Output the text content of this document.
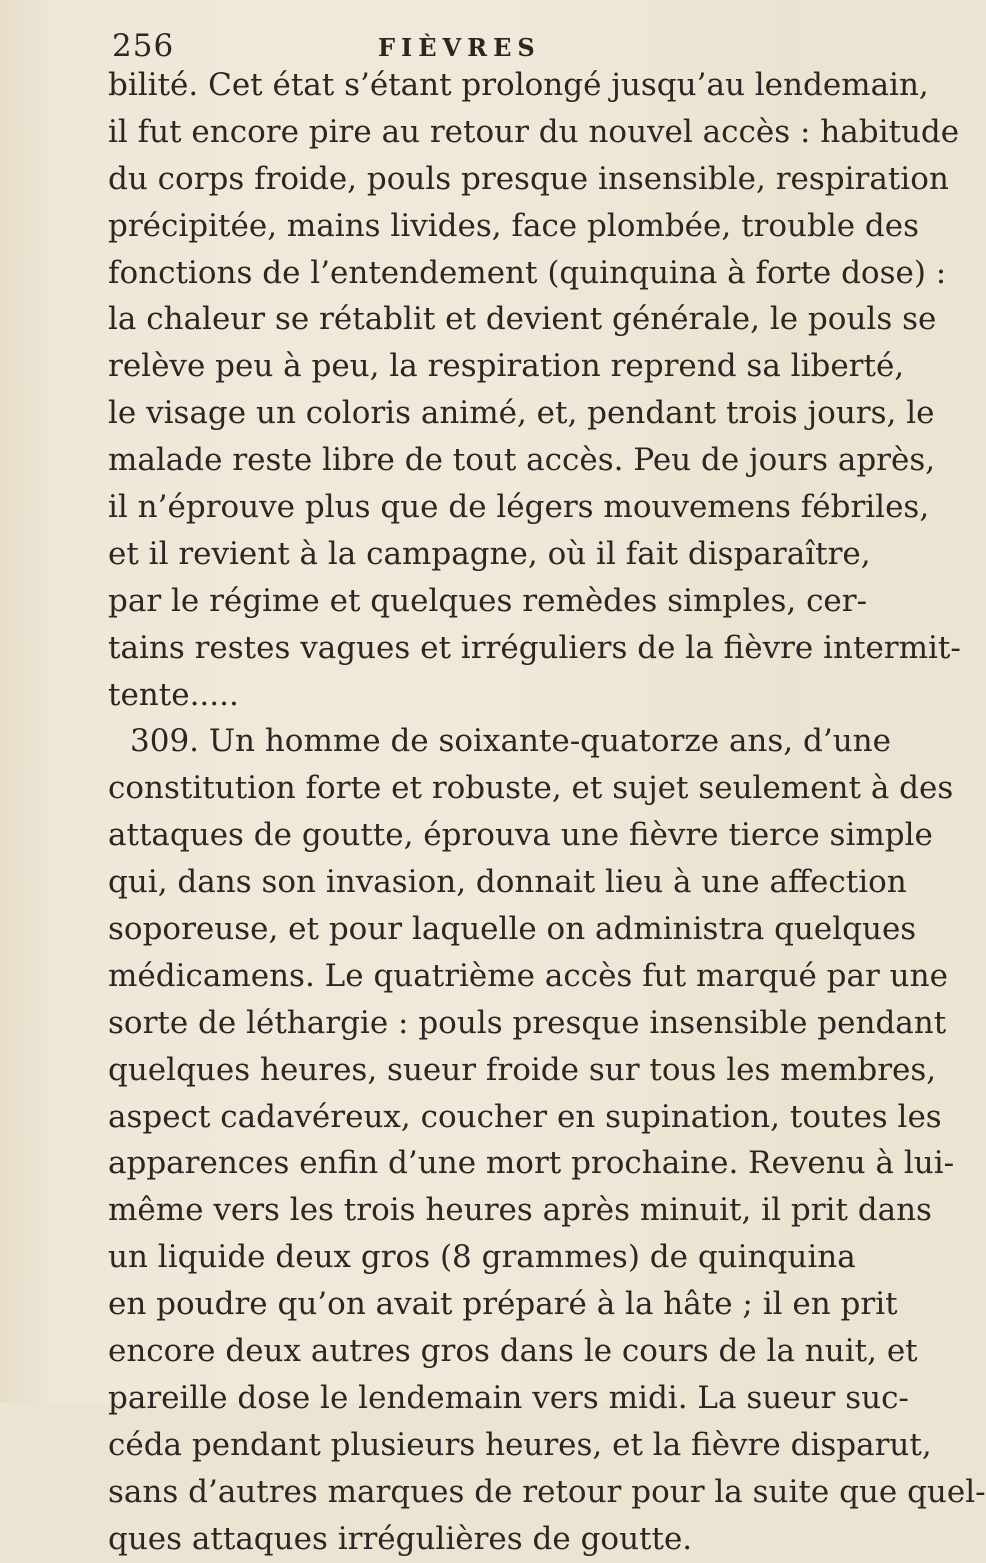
256	FIÈVRES
bilité. Cet état s’étant prolongé jusqu’au lendemain,
il fut encore pire au retour du nouvel accès : habitude
du corps froide, pouls presque insensible, respiration
précipitée, mains livides, face plombée, trouble des
fonctions de l’entendement (quinquina à forte dose) :
la chaleur se rétablit et devient générale, le pouls se
relève peu à peu, la respiration reprend sa liberté,
le visage un coloris animé, et, pendant trois jours, le
malade reste libre de tout accès. Peu de jours après,
il n’éprouve plus que de légers mouvemens fébriles,
et il revient à la campagne, où il fait disparaître,
par le régime et quelques remèdes simples, cer-
tains restes vagues et irréguliers de la fièvre intermit-
tente.....
309. Un homme de soixante-quatorze ans, d’une
constitution forte et robuste, et sujet seulement à des
attaques de goutte, éprouva une fièvre tierce simple
qui, dans son invasion, donnait lieu à une affection
soporeuse, et pour laquelle on administra quelques
médicamens. Le quatrième accès fut marqué par une
sorte de léthargie : pouls presque insensible pendant
quelques heures, sueur froide sur tous les membres,
aspect cadavéreux, coucher en supination, toutes les
apparences enfin d’une mort prochaine. Revenu à lui-
même vers les trois heures après minuit, il prit dans
un liquide deux gros (8 grammes) de quinquina
en poudre qu’on avait préparé à la hâte ; il en prit
encore deux autres gros dans le cours de la nuit, et
pareille dose le lendemain vers midi. La sueur suc-
céda pendant plusieurs heures, et la fièvre disparut,
sans d’autres marques de retour pour la suite que quel-
ques attaques irrégulières de goutte.
